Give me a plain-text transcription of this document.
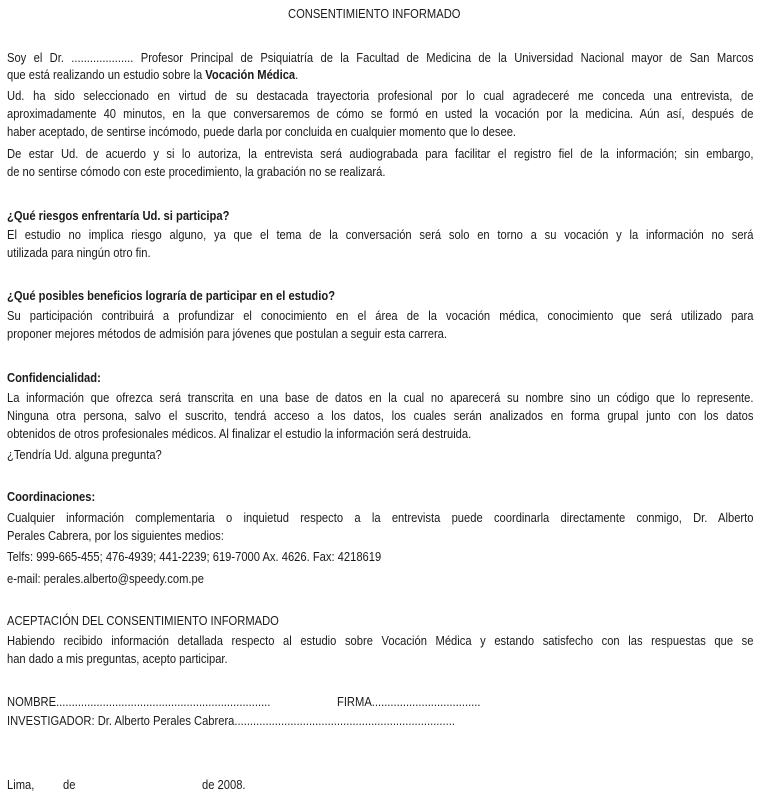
CONSENTIMIENTO INFORMADO
Soy el Dr. .................... Profesor Principal de Psiquiatría de la Facultad de Medicina de la Universidad Nacional mayor de San Marcos
que está realizando un estudio sobre la Vocación Médica.
Ud. ha sido seleccionado en virtud de su destacada trayectoria profesional por lo cual agradeceré me conceda una entrevista, de
aproximadamente 40 minutos, en la que conversaremos de cómo se formó en usted la vocación por la medicina. Aún así, después de
haber aceptado, de sentirse incómodo, puede darla por concluida en cualquier momento que lo desee.
De estar Ud. de acuerdo y si lo autoriza, la entrevista será audiograbada para facilitar el registro fiel de la información; sin embargo,
de no sentirse cómodo con este procedimiento, la grabación no se realizará.
¿Qué riesgos enfrentaría Ud. si participa?
El estudio no implica riesgo alguno, ya que el tema de la conversación será solo en torno a su vocación y la información no será
utilizada para ningún otro fin.
¿Qué posibles beneficios lograría de participar en el estudio?
Su participación contribuirá a profundizar el conocimiento en el área de la vocación médica, conocimiento que será utilizado para
proponer mejores métodos de admisión para jóvenes que postulan a seguir esta carrera.
Confidencialidad:
La información que ofrezca será transcrita en una base de datos en la cual no aparecerá su nombre sino un código que lo represente.
Ninguna otra persona, salvo el suscrito, tendrá acceso a los datos, los cuales serán analizados en forma grupal junto con los datos
obtenidos de otros profesionales médicos. Al finalizar el estudio la información será destruida.
¿Tendría Ud. alguna pregunta?
Coordinaciones:
Cualquier información complementaria o inquietud respecto a la entrevista puede coordinarla directamente conmigo, Dr. Alberto
Perales Cabrera, por los siguientes medios:
Telfs: 999-665-455; 476-4939; 441-2239; 619-7000 Ax. 4626. Fax: 4218619
e-mail: perales.alberto@speedy.com.pe
ACEPTACIÓN DEL CONSENTIMIENTO INFORMADO
Habiendo recibido información detallada respecto al estudio sobre Vocación Médica y estando satisfecho con las respuestas que se
han dado a mis preguntas, acepto participar.
NOMBRE.....................................................................	FIRMA...................................
INVESTIGADOR: Dr. Alberto Perales Cabrera.......................................................................
Lima, de	de 2008.
